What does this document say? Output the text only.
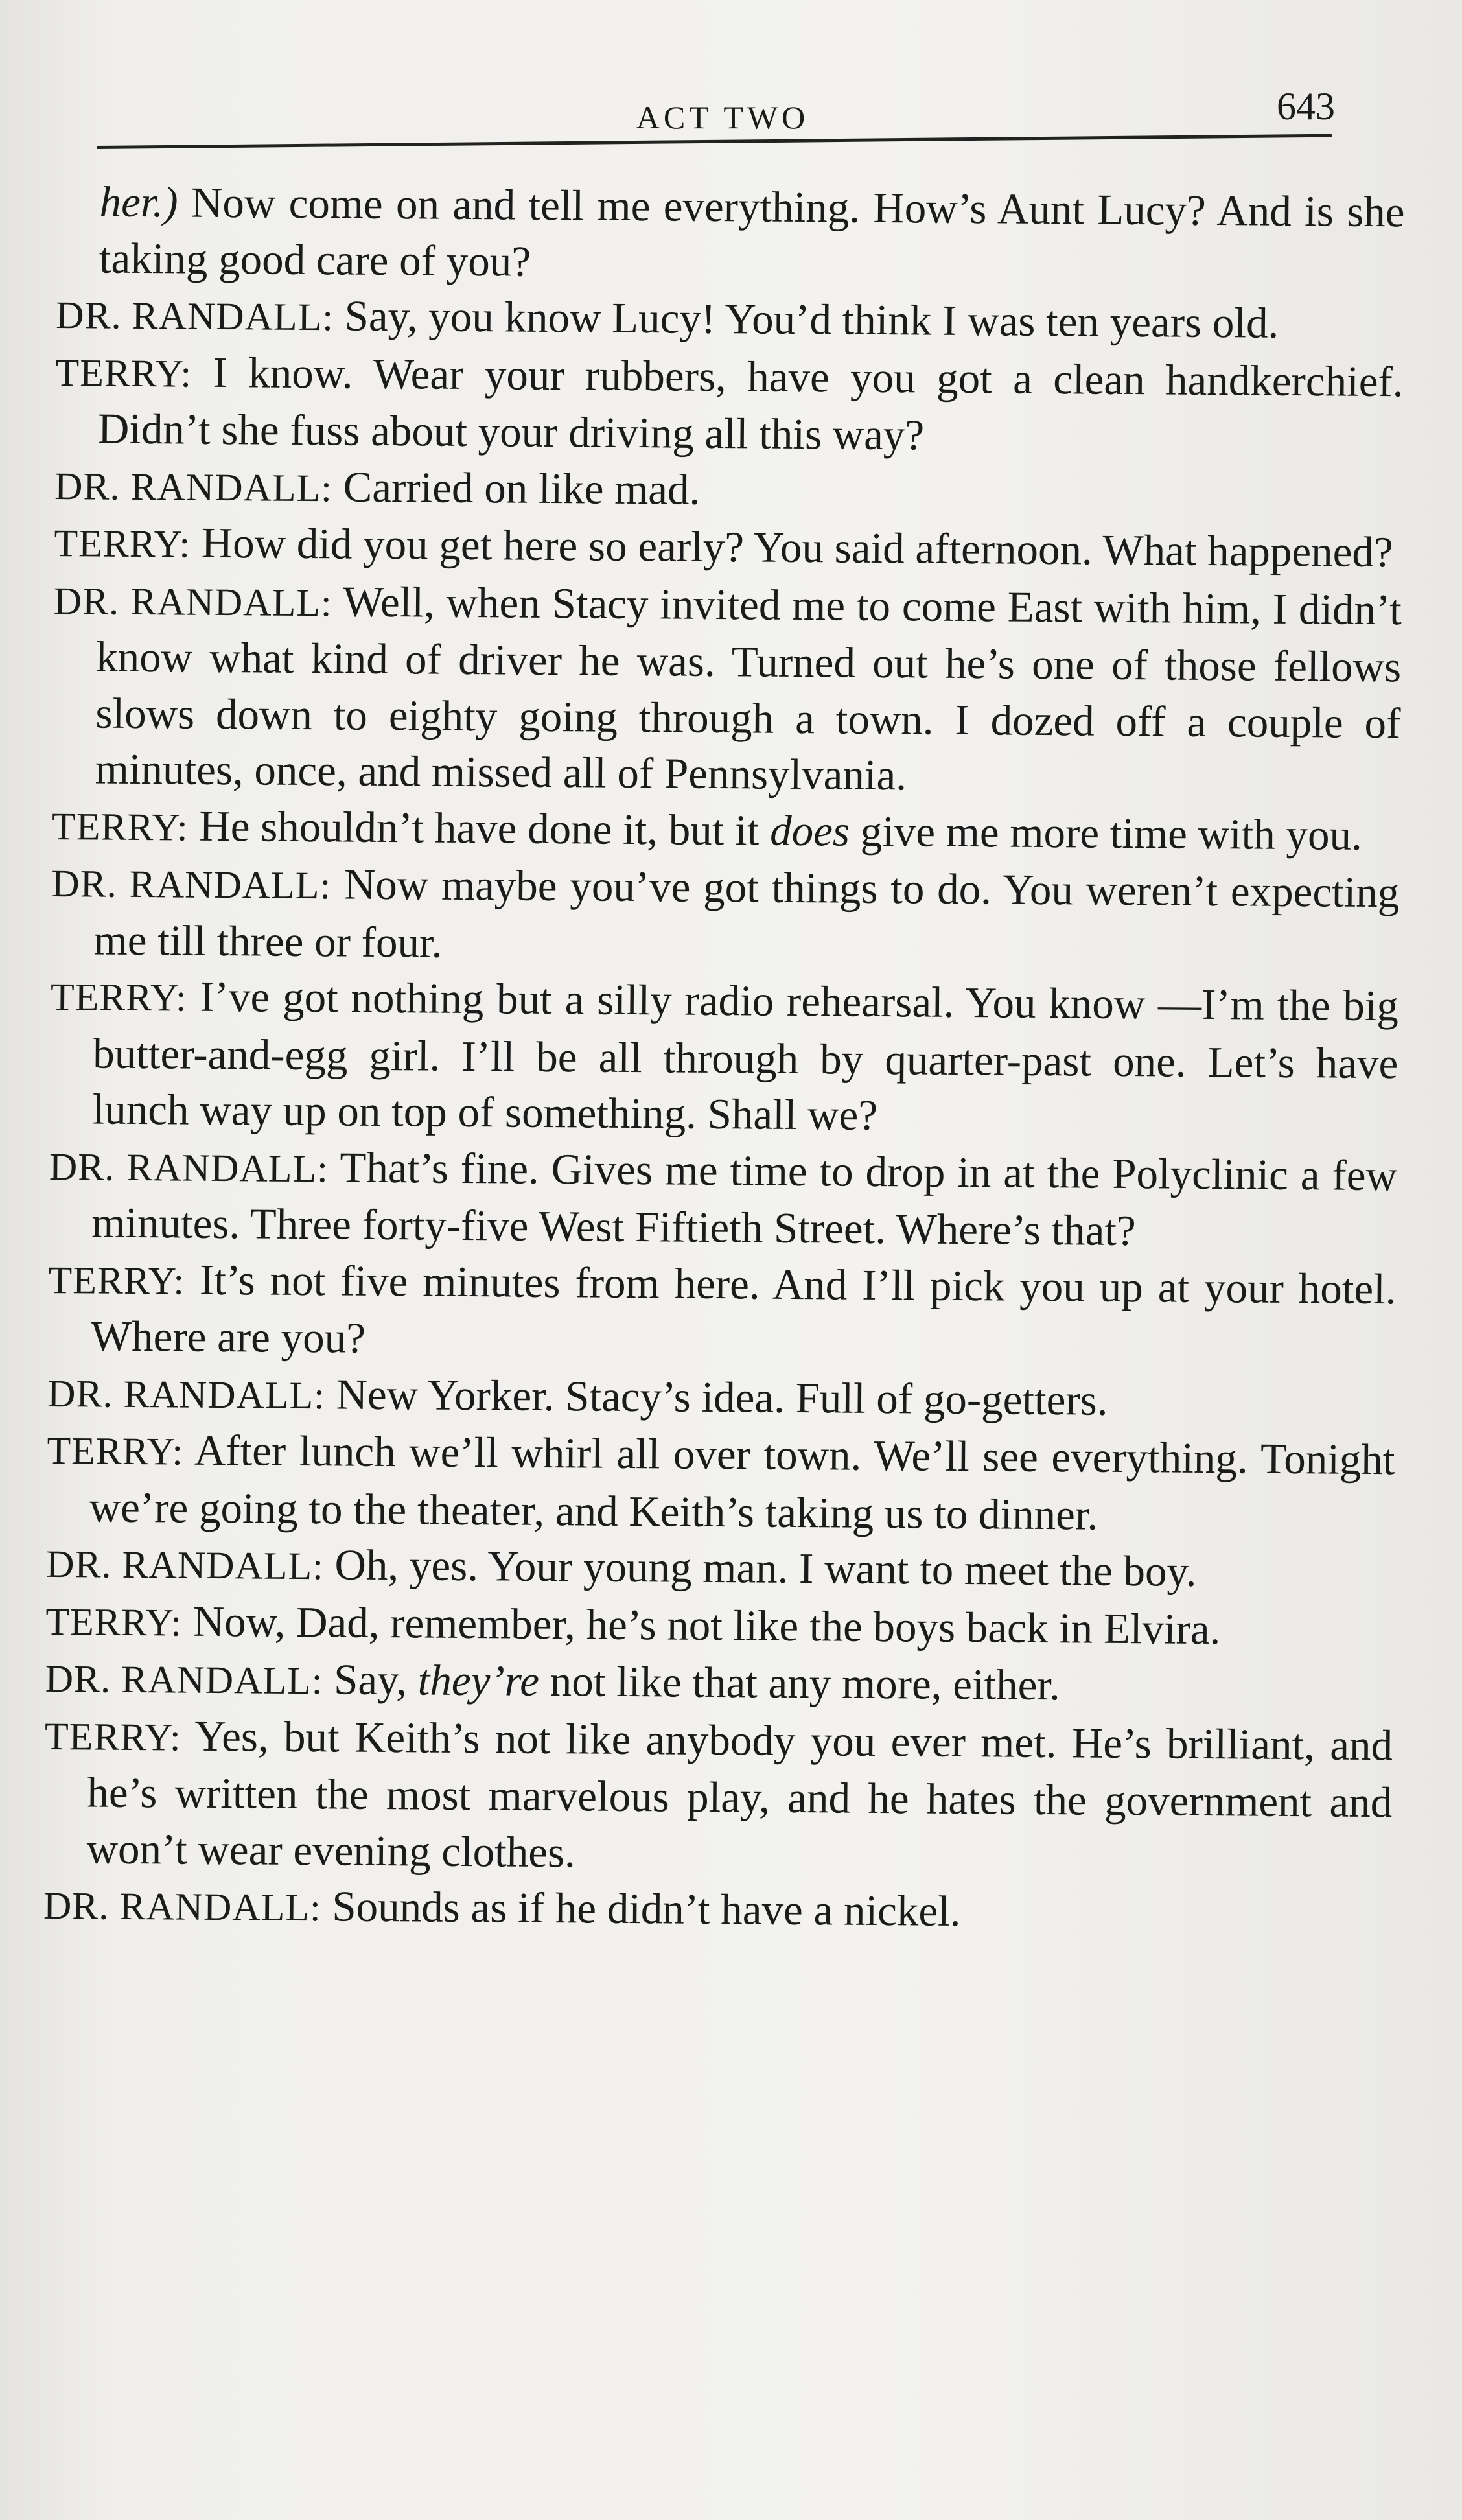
ACT TWO	643

her.) Now come on and tell me everything. How’s Aunt Lucy? And is she taking good care of you?

DR. RANDALL : Say, you know Lucy! You’d think I was ten years old.

TERRY : I know. Wear your rubbers, have you got a clean handkerchief. Didn’t she fuss about your driving all this way?

DR. RANDALL : Carried on like mad.

TERRY : How did you get here so early? You said afternoon. What happened?

DR. RANDALL : Well, when Stacy invited me to come East with him, I didn’t know what kind of driver he was. Turned out he’s one of those fellows slows down to eighty going through a town. I dozed off a couple of minutes, once, and missed all of Pennsylvania.

TERRY : He shouldn’t have done it, but it does give me more time with you.

DR. RANDALL : Now maybe you’ve got things to do. You weren’t expecting me till three or four.

TERRY : I’ve got nothing but a silly radio rehearsal. You know —I’m the big butter-and-egg girl. I’ll be all through by quarter-past one. Let’s have lunch way up on top of something. Shall we?

DR. RANDALL : That’s fine. Gives me time to drop in at the Polyclinic a few minutes. Three forty-five West Fiftieth Street. Where’s that?

TERRY : It’s not five minutes from here. And I’ll pick you up at your hotel. Where are you?

DR. RANDALL : New Yorker. Stacy’s idea. Full of go-getters.

TERRY : After lunch we’ll whirl all over town. We’ll see everything. Tonight we’re going to the theater, and Keith’s taking us to dinner.

DR. RANDALL : Oh, yes. Your young man. I want to meet the boy.

TERRY : Now, Dad, remember, he’s not like the boys back in Elvira.

DR. RANDALL : Say, they’re not like that any more, either.

TERRY : Yes, but Keith’s not like anybody you ever met. He’s brilliant, and he’s written the most marvelous play, and he hates the government and won’t wear evening clothes.

DR. RANDALL : Sounds as if he didn’t have a nickel.
